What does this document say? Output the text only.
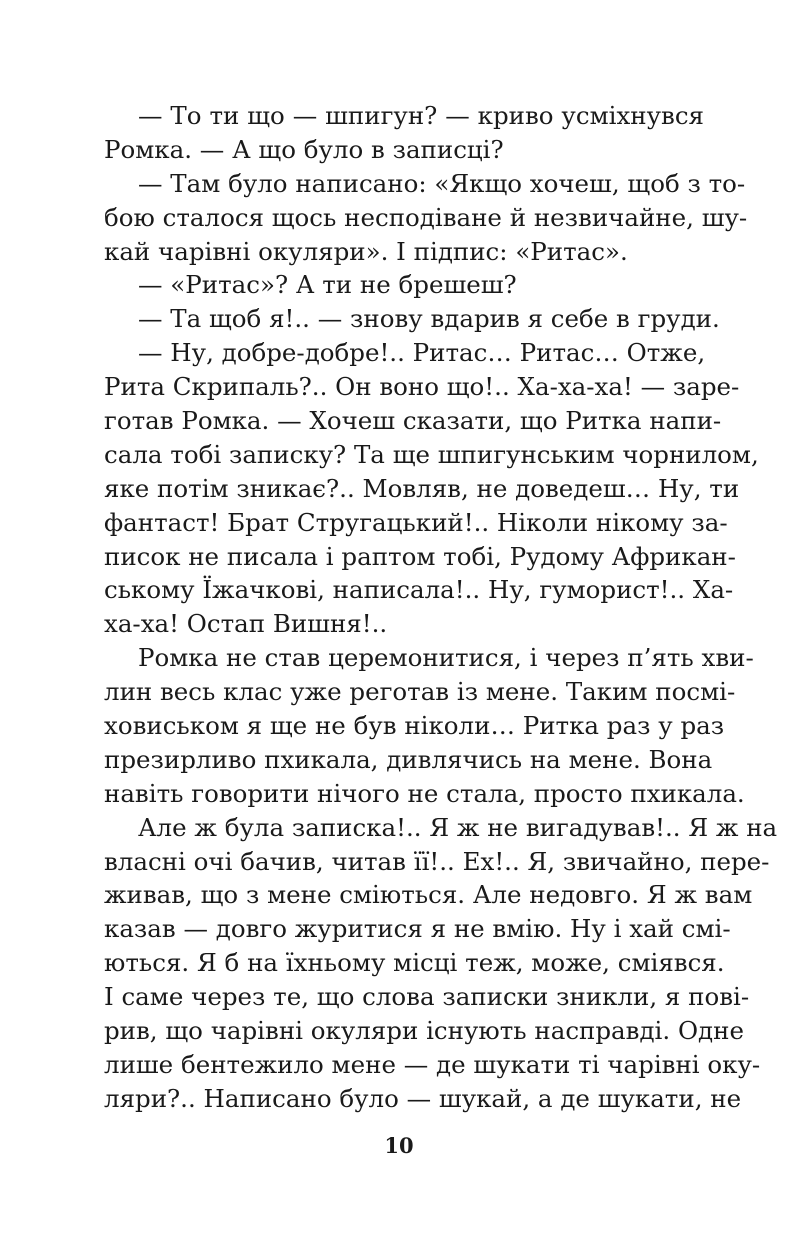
— То ти що — шпигун? — криво усміхнувся
Ромка. — А що було в записці?
— Там було написано: «Якщо хочеш, щоб з то-
бою сталося щось несподіване й незвичайне, шу-
кай чарівні окуляри». І підпис: «Ритас».
— «Ритас»? А ти не брешеш?
— Та щоб я!.. — знову вдарив я себе в груди.
— Ну, добре-добре!.. Ритас… Ритас… Отже,
Рита Скрипаль?.. Он воно що!.. Ха-ха-ха! — заре-
готав Ромка. — Хочеш сказати, що Ритка напи-
сала тобі записку? Та ще шпигунським чорнилом,
яке потім зникає?.. Мовляв, не доведеш… Ну, ти
фантаст! Брат Стругацький!.. Ніколи нікому за-
писок не писала і раптом тобі, Рудому Африкан-
ському Їжачкові, написала!.. Ну, гуморист!.. Ха-
ха-ха! Остап Вишня!..
Ромка не став церемонитися, і через п’ять хви-
лин весь клас уже реготав із мене. Таким посмі-
ховиськом я ще не був ніколи… Ритка раз у раз
презирливо пхикала, дивлячись на мене. Вона
навіть говорити нічого не стала, просто пхикала.
Але ж була записка!.. Я ж не вигадував!.. Я ж на
власні очі бачив, читав її!.. Ех!.. Я, звичайно, пере-
живав, що з мене сміються. Але недовго. Я ж вам
казав — довго журитися я не вмію. Ну і хай смі-
ються. Я б на їхньому місці теж, може, сміявся.
І саме через те, що слова записки зникли, я пові-
рив, що чарівні окуляри існують насправді. Одне
лише бентежило мене — де шукати ті чарівні оку-
ляри?.. Написано було — шукай, а де шукати, не
10
